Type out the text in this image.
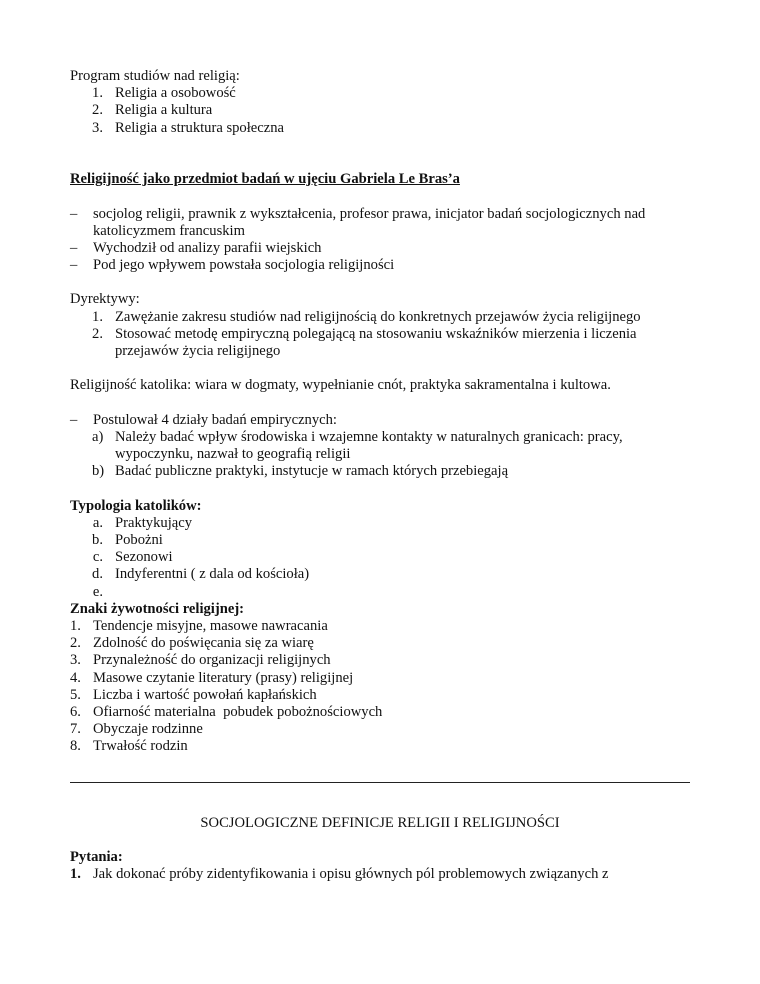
Program studiów nad religią:
1. Religia a osobowość
2. Religia a kultura
3. Religia a struktura społeczna
Religijność jako przedmiot badań w ujęciu Gabriela Le Bras’a
– socjolog religii, prawnik z wykształcenia, profesor prawa, inicjator badań socjologicznych nad
katolicyzmem francuskim
– Wychodził od analizy parafii wiejskich
– Pod jego wpływem powstała socjologia religijności
Dyrektywy:
1. Zawężanie zakresu studiów nad religijnością do konkretnych przejawów życia religijnego
2. Stosować metodę empiryczną polegającą na stosowaniu wskaźników mierzenia i liczenia
przejawów życia religijnego
Religijność katolika: wiara w dogmaty, wypełnianie cnót, praktyka sakramentalna i kultowa.
– Postulował 4 działy badań empirycznych:
a) Należy badać wpływ środowiska i wzajemne kontakty w naturalnych granicach: pracy,
wypoczynku, nazwał to geografią religii
b) Badać publiczne praktyki, instytucje w ramach których przebiegają
Typologia katolików:
a. Praktykujący
b. Pobożni
c. Sezonowi
d. Indyferentni ( z dala od kościoła)
e.
Znaki żywotności religijnej:
1. Tendencje misyjne, masowe nawracania
2. Zdolność do poświęcania się za wiarę
3. Przynależność do organizacji religijnych
4. Masowe czytanie literatury (prasy) religijnej
5. Liczba i wartość powołań kapłańskich
6. Ofiarność materialna  pobudek pobożnościowych
7. Obyczaje rodzinne
8. Trwałość rodzin
SOCJOLOGICZNE DEFINICJE RELIGII I RELIGIJNOŚCI
Pytania:
1. Jak dokonać próby zidentyfikowania i opisu głównych pól problemowych związanych z
